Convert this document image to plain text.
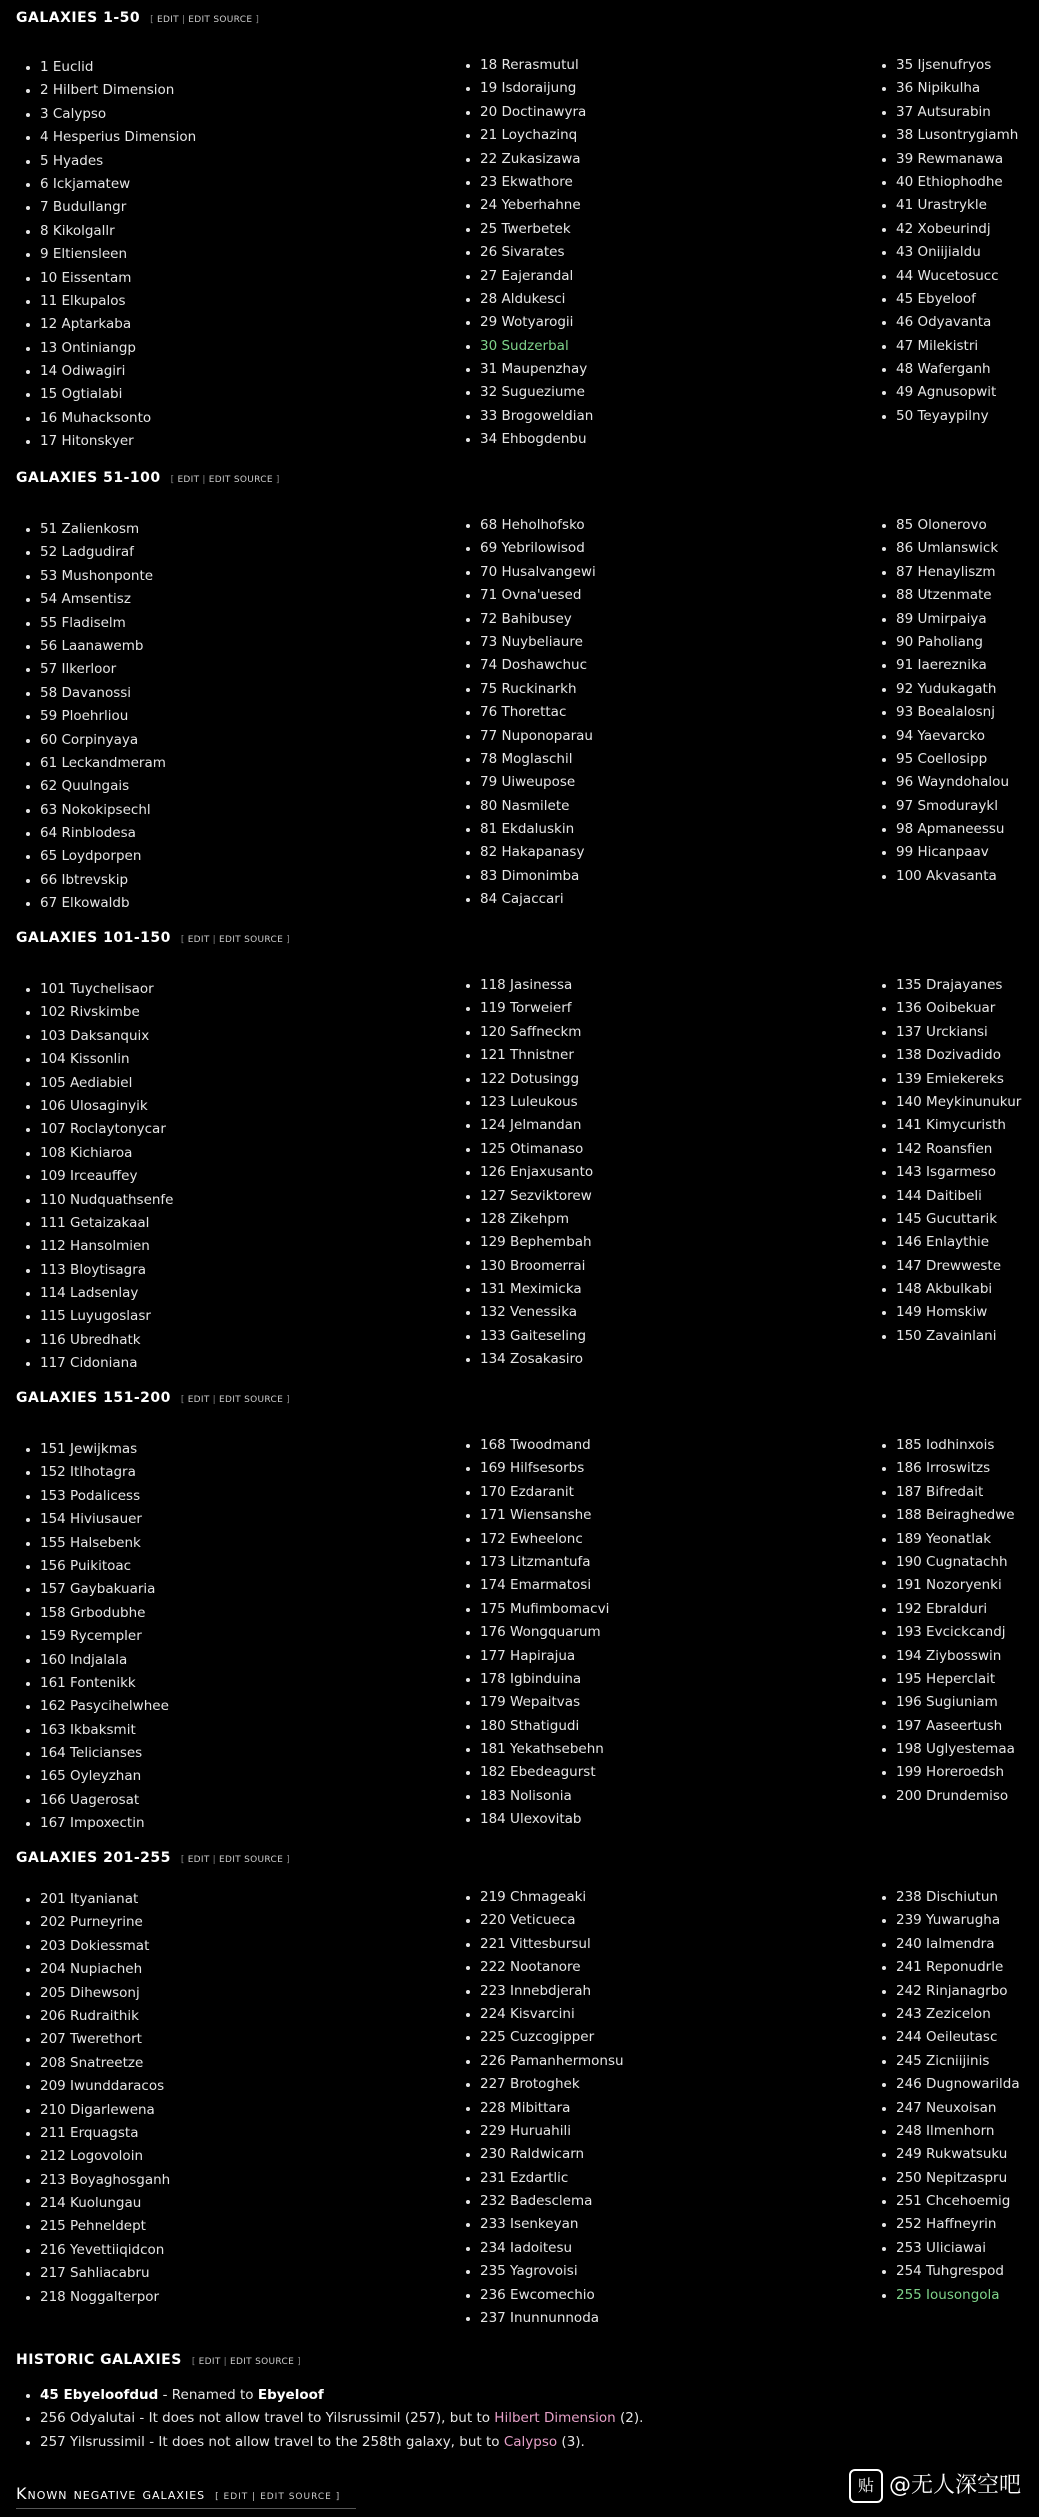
GALAXIES 1-50 [ EDIT | EDIT SOURCE ]
1 Euclid
2 Hilbert Dimension
3 Calypso
4 Hesperius Dimension
5 Hyades
6 Ickjamatew
7 Budullangr
8 Kikolgallr
9 Eltiensleen
10 Eissentam
11 Elkupalos
12 Aptarkaba
13 Ontiniangp
14 Odiwagiri
15 Ogtialabi
16 Muhacksonto
17 Hitonskyer
18 Rerasmutul
19 Isdoraijung
20 Doctinawyra
21 Loychazinq
22 Zukasizawa
23 Ekwathore
24 Yeberhahne
25 Twerbetek
26 Sivarates
27 Eajerandal
28 Aldukesci
29 Wotyarogii
30 Sudzerbal
31 Maupenzhay
32 Sugueziume
33 Brogoweldian
34 Ehbogdenbu
35 Ijsenufryos
36 Nipikulha
37 Autsurabin
38 Lusontrygiamh
39 Rewmanawa
40 Ethiophodhe
41 Urastrykle
42 Xobeurindj
43 Oniijialdu
44 Wucetosucc
45 Ebyeloof
46 Odyavanta
47 Milekistri
48 Waferganh
49 Agnusopwit
50 Teyaypilny
GALAXIES 51-100 [ EDIT | EDIT SOURCE ]
51 Zalienkosm
52 Ladgudiraf
53 Mushonponte
54 Amsentisz
55 Fladiselm
56 Laanawemb
57 Ilkerloor
58 Davanossi
59 Ploehrliou
60 Corpinyaya
61 Leckandmeram
62 Quulngais
63 Nokokipsechl
64 Rinblodesa
65 Loydporpen
66 Ibtrevskip
67 Elkowaldb
68 Heholhofsko
69 Yebrilowisod
70 Husalvangewi
71 Ovna'uesed
72 Bahibusey
73 Nuybeliaure
74 Doshawchuc
75 Ruckinarkh
76 Thorettac
77 Nuponoparau
78 Moglaschil
79 Uiweupose
80 Nasmilete
81 Ekdaluskin
82 Hakapanasy
83 Dimonimba
84 Cajaccari
85 Olonerovo
86 Umlanswick
87 Henayliszm
88 Utzenmate
89 Umirpaiya
90 Paholiang
91 Iaereznika
92 Yudukagath
93 Boealalosnj
94 Yaevarcko
95 Coellosipp
96 Wayndohalou
97 Smoduraykl
98 Apmaneessu
99 Hicanpaav
100 Akvasanta
GALAXIES 101-150 [ EDIT | EDIT SOURCE ]
101 Tuychelisaor
102 Rivskimbe
103 Daksanquix
104 Kissonlin
105 Aediabiel
106 Ulosaginyik
107 Roclaytonycar
108 Kichiaroa
109 Irceauffey
110 Nudquathsenfe
111 Getaizakaal
112 Hansolmien
113 Bloytisagra
114 Ladsenlay
115 Luyugoslasr
116 Ubredhatk
117 Cidoniana
118 Jasinessa
119 Torweierf
120 Saffneckm
121 Thnistner
122 Dotusingg
123 Luleukous
124 Jelmandan
125 Otimanaso
126 Enjaxusanto
127 Sezviktorew
128 Zikehpm
129 Bephembah
130 Broomerrai
131 Meximicka
132 Venessika
133 Gaiteseling
134 Zosakasiro
135 Drajayanes
136 Ooibekuar
137 Urckiansi
138 Dozivadido
139 Emiekereks
140 Meykinunukur
141 Kimycuristh
142 Roansfien
143 Isgarmeso
144 Daitibeli
145 Gucuttarik
146 Enlaythie
147 Drewweste
148 Akbulkabi
149 Homskiw
150 Zavainlani
GALAXIES 151-200 [ EDIT | EDIT SOURCE ]
151 Jewijkmas
152 Itlhotagra
153 Podalicess
154 Hiviusauer
155 Halsebenk
156 Puikitoac
157 Gaybakuaria
158 Grbodubhe
159 Rycempler
160 Indjalala
161 Fontenikk
162 Pasycihelwhee
163 Ikbaksmit
164 Telicianses
165 Oyleyzhan
166 Uagerosat
167 Impoxectin
168 Twoodmand
169 Hilfsesorbs
170 Ezdaranit
171 Wiensanshe
172 Ewheelonc
173 Litzmantufa
174 Emarmatosi
175 Mufimbomacvi
176 Wongquarum
177 Hapirajua
178 Igbinduina
179 Wepaitvas
180 Sthatigudi
181 Yekathsebehn
182 Ebedeagurst
183 Nolisonia
184 Ulexovitab
185 Iodhinxois
186 Irroswitzs
187 Bifredait
188 Beiraghedwe
189 Yeonatlak
190 Cugnatachh
191 Nozoryenki
192 Ebralduri
193 Evcickcandj
194 Ziybosswin
195 Heperclait
196 Sugiuniam
197 Aaseertush
198 Uglyestemaa
199 Horeroedsh
200 Drundemiso
GALAXIES 201-255 [ EDIT | EDIT SOURCE ]
201 Ityanianat
202 Purneyrine
203 Dokiessmat
204 Nupiacheh
205 Dihewsonj
206 Rudraithik
207 Twerethort
208 Snatreetze
209 Iwunddaracos
210 Digarlewena
211 Erquagsta
212 Logovoloin
213 Boyaghosganh
214 Kuolungau
215 Pehneldept
216 Yevettiiqidcon
217 Sahliacabru
218 Noggalterpor
219 Chmageaki
220 Veticueca
221 Vittesbursul
222 Nootanore
223 Innebdjerah
224 Kisvarcini
225 Cuzcogipper
226 Pamanhermonsu
227 Brotoghek
228 Mibittara
229 Huruahili
230 Raldwicarn
231 Ezdartlic
232 Badesclema
233 Isenkeyan
234 Iadoitesu
235 Yagrovoisi
236 Ewcomechio
237 Inunnunnoda
238 Dischiutun
239 Yuwarugha
240 Ialmendra
241 Reponudrle
242 Rinjanagrbo
243 Zezicelon
244 Oeileutasc
245 Zicniijinis
246 Dugnowarilda
247 Neuxoisan
248 Ilmenhorn
249 Rukwatsuku
250 Nepitzaspru
251 Chcehoemig
252 Haffneyrin
253 Uliciawai
254 Tuhgrespod
255 Iousongola
HISTORIC GALAXIES [ EDIT | EDIT SOURCE ]
45 Ebyeloofdud - Renamed to Ebyeloof
256 Odyalutai - It does not allow travel to Yilsrussimil (257), but to Hilbert Dimension (2).
257 Yilsrussimil - It does not allow travel to the 258th galaxy, but to Calypso (3).
Known negative galaxies [ EDIT | EDIT SOURCE ]
贴 @无人深空吧
